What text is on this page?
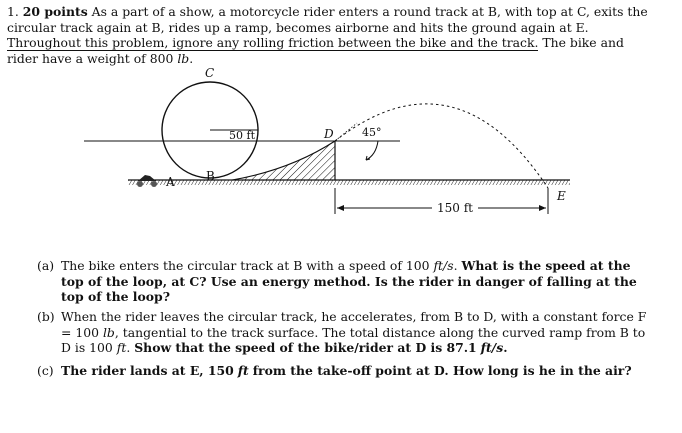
1. 20 points As a part of a show, a motorcycle rider enters a round track at B, with top at C, exits the circular track again at B, rides up a ramp, becomes airborne and hits the ground again at E. Throughout this problem, ignore any rolling friction between the bike and the track. The bike and rider have a weight of 800 lb.
C
50 ft
B
A
D	45°
E
150 ft
(a) The bike enters the circular track at B with a speed of 100 ft/s. What is the speed at the top of the loop, at C? Use an energy method. Is the rider in danger of falling at the top of the loop?
(b) When the rider leaves the circular track, he accelerates, from B to D, with a constant force F = 100 lb, tangential to the track surface. The total distance along the curved ramp from B to D is 100 ft. Show that the speed of the bike/rider at D is 87.1 ft/s.
(c) The rider lands at E, 150 ft from the take-off point at D. How long is he in the air?
